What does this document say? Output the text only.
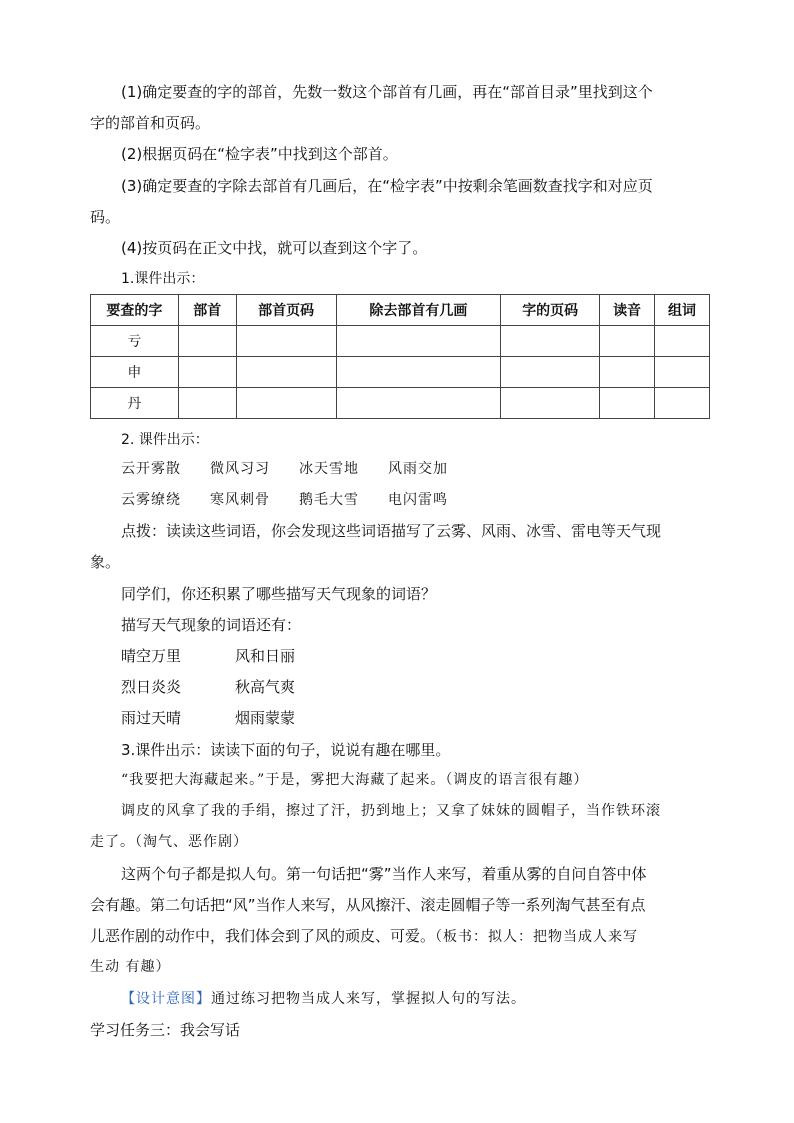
(1)确定要查的字的部首，先数一数这个部首有几画，再在“部首目录”里找到这个
字的部首和页码。
(2)根据页码在“检字表”中找到这个部首。
(3)确定要查的字除去部首有几画后，在“检字表”中按剩余笔画数查找字和对应页
码。
(4)按页码在正文中找，就可以查到这个字了。
1.课件出示：
要查的字	部首	部首页码	除去部首有几画	字的页码	读音	组词
亏						
申						
丹						
2. 课件出示：
云开雾散 微风习习 冰天雪地 风雨交加
云雾缭绕 寒风刺骨 鹅毛大雪 电闪雷鸣
点拨：读读这些词语，你会发现这些词语描写了云雾、风雨、冰雪、雷电等天气现
象。
同学们，你还积累了哪些描写天气现象的词语？
描写天气现象的词语还有：
晴空万里	风和日丽
烈日炎炎	秋高气爽
雨过天晴	烟雨蒙蒙
3.课件出示：读读下面的句子，说说有趣在哪里。
“我要把大海藏起来。”于是，雾把大海藏了起来。（调皮的语言很有趣）
调皮的风拿了我的手绢，擦过了汗，扔到地上；又拿了妹妹的圆帽子，当作铁环滚
走了。（淘气、恶作剧）
这两个句子都是拟人句。第一句话把“雾”当作人来写，着重从雾的自问自答中体
会有趣。第二句话把“风”当作人来写，从风擦汗、滚走圆帽子等一系列淘气甚至有点
儿恶作剧的动作中，我们体会到了风的顽皮、可爱。（板书：拟人：把物当成人来写
生动 有趣）
【设计意图】通过练习把物当成人来写，掌握拟人句的写法。
学习任务三：我会写话
